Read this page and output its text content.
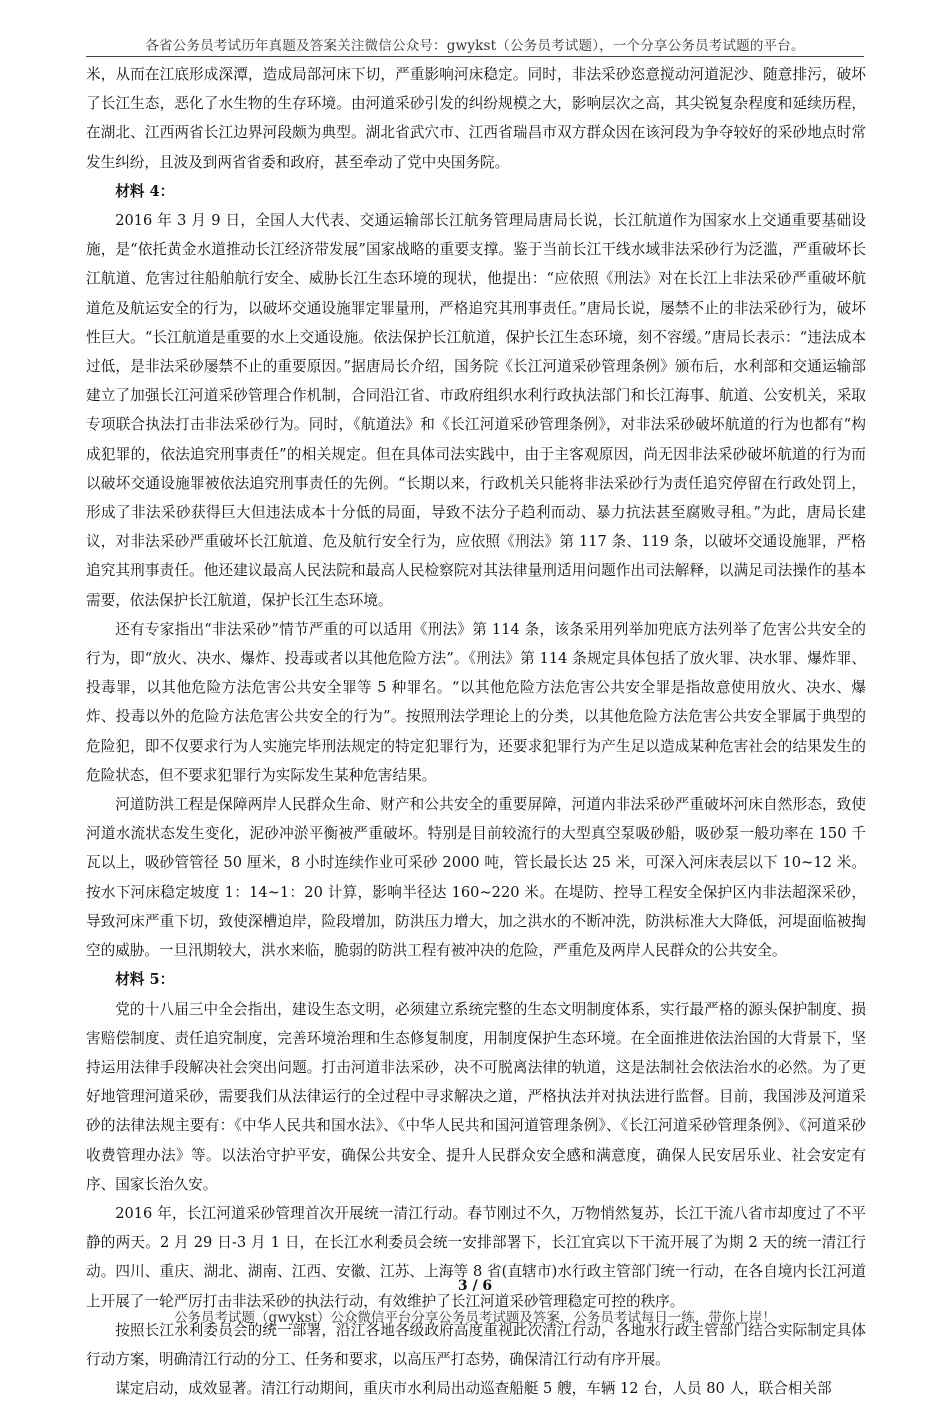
各省公务员考试历年真题及答案关注微信公众号：gwykst（公务员考试题），一个分享公务员考试题的平台。

米，从而在江底形成深潭，造成局部河床下切，严重影响河床稳定。同时，非法采砂恣意搅动河道泥沙、随意排污，破坏了长江生态，恶化了水生物的生存环境。由河道采砂引发的纠纷规模之大，影响层次之高，其尖锐复杂程度和延续历程，在湖北、江西两省长江边界河段颇为典型。湖北省武穴市、江西省瑞昌市双方群众因在该河段为争夺较好的采砂地点时常发生纠纷，且波及到两省省委和政府，甚至牵动了党中央国务院。

材料 4：

2016 年 3 月 9 日，全国人大代表、交通运输部长江航务管理局唐局长说，长江航道作为国家水上交通重要基础设施，是“依托黄金水道推动长江经济带发展”国家战略的重要支撑。鉴于当前长江干线水域非法采砂行为泛滥，严重破坏长江航道、危害过往船舶航行安全、威胁长江生态环境的现状，他提出：“应依照《刑法》对在长江上非法采砂严重破坏航道危及航运安全的行为，以破坏交通设施罪定罪量刑，严格追究其刑事责任。”唐局长说，屡禁不止的非法采砂行为，破坏性巨大。“长江航道是重要的水上交通设施。依法保护长江航道，保护长江生态环境，刻不容缓。”唐局长表示：“违法成本过低，是非法采砂屡禁不止的重要原因。”据唐局长介绍，国务院《长江河道采砂管理条例》颁布后，水利部和交通运输部建立了加强长江河道采砂管理合作机制，合同沿江省、市政府组织水利行政执法部门和长江海事、航道、公安机关，采取专项联合执法打击非法采砂行为。同时，《航道法》和《长江河道采砂管理条例》，对非法采砂破坏航道的行为也都有“构成犯罪的，依法追究刑事责任”的相关规定。但在具体司法实践中，由于主客观原因，尚无因非法采砂破坏航道的行为而以破坏交通设施罪被依法追究刑事责任的先例。“长期以来，行政机关只能将非法采砂行为责任追究停留在行政处罚上，形成了非法采砂获得巨大但违法成本十分低的局面，导致不法分子趋利而动、暴力抗法甚至腐败寻租。”为此，唐局长建议，对非法采砂严重破坏长江航道、危及航行安全行为，应依照《刑法》第 117 条、119 条，以破坏交通设施罪，严格追究其刑事责任。他还建议最高人民法院和最高人民检察院对其法律量刑适用问题作出司法解释，以满足司法操作的基本需要，依法保护长江航道，保护长江生态环境。

还有专家指出“非法采砂”情节严重的可以适用《刑法》第 114 条，该条采用列举加兜底方法列举了危害公共安全的行为，即“放火、决水、爆炸、投毒或者以其他危险方法”。《刑法》第 114 条规定具体包括了放火罪、决水罪、爆炸罪、投毒罪，以其他危险方法危害公共安全罪等 5 种罪名。“以其他危险方法危害公共安全罪是指故意使用放火、决水、爆炸、投毒以外的危险方法危害公共安全的行为”。按照刑法学理论上的分类，以其他危险方法危害公共安全罪属于典型的危险犯，即不仅要求行为人实施完毕刑法规定的特定犯罪行为，还要求犯罪行为产生足以造成某种危害社会的结果发生的危险状态，但不要求犯罪行为实际发生某种危害结果。

河道防洪工程是保障两岸人民群众生命、财产和公共安全的重要屏障，河道内非法采砂严重破坏河床自然形态，致使河道水流状态发生变化，泥砂冲淤平衡被严重破坏。特别是目前较流行的大型真空泵吸砂船，吸砂泵一般功率在 150 千瓦以上，吸砂管管径 50 厘米，8 小时连续作业可采砂 2000 吨，管长最长达 25 米，可深入河床表层以下 10~12 米。按水下河床稳定坡度 1：14~1：20 计算，影响半径达 160~220 米。在堤防、控导工程安全保护区内非法超深采砂，导致河床严重下切，致使深槽迫岸，险段增加，防洪压力增大，加之洪水的不断冲洗，防洪标准大大降低，河堤面临被掏空的威胁。一旦汛期较大，洪水来临，脆弱的防洪工程有被冲决的危险，严重危及两岸人民群众的公共安全。

材料 5：

党的十八届三中全会指出，建设生态文明，必须建立系统完整的生态文明制度体系，实行最严格的源头保护制度、损害赔偿制度、责任追究制度，完善环境治理和生态修复制度，用制度保护生态环境。在全面推进依法治国的大背景下，坚持运用法律手段解决社会突出问题。打击河道非法采砂，决不可脱离法律的轨道，这是法制社会依法治水的必然。为了更好地管理河道采砂，需要我们从法律运行的全过程中寻求解决之道，严格执法并对执法进行监督。目前，我国涉及河道采砂的法律法规主要有：《中华人民共和国水法》、《中华人民共和国河道管理条例》、《长江河道采砂管理条例》、《河道采砂收费管理办法》等。以法治守护平安，确保公共安全、提升人民群众安全感和满意度，确保人民安居乐业、社会安定有序、国家长治久安。

2016 年，长江河道采砂管理首次开展统一清江行动。春节刚过不久，万物悄然复苏，长江干流八省市却度过了不平静的两天。2 月 29 日-3 月 1 日，在长江水利委员会统一安排部署下，长江宜宾以下干流开展了为期 2 天的统一清江行动。四川、重庆、湖北、湖南、江西、安徽、江苏、上海等 8 省(直辖市)水行政主管部门统一行动，在各自境内长江河道上开展了一轮严厉打击非法采砂的执法行动，有效维护了长江河道采砂管理稳定可控的秩序。

按照长江水利委员会的统一部署，沿江各地各级政府高度重视此次清江行动，各地水行政主管部门结合实际制定具体行动方案，明确清江行动的分工、任务和要求，以高压严打态势，确保清江行动有序开展。

谋定启动，成效显著。清江行动期间，重庆市水利局出动巡查船艇 5 艘，车辆 12 台，人员 80 人，联合相关部

3 / 6
公务员考试题（gwykst）公众微信平台分享公务员考试题及答案，公务员考试每日一练，带你上岸！
